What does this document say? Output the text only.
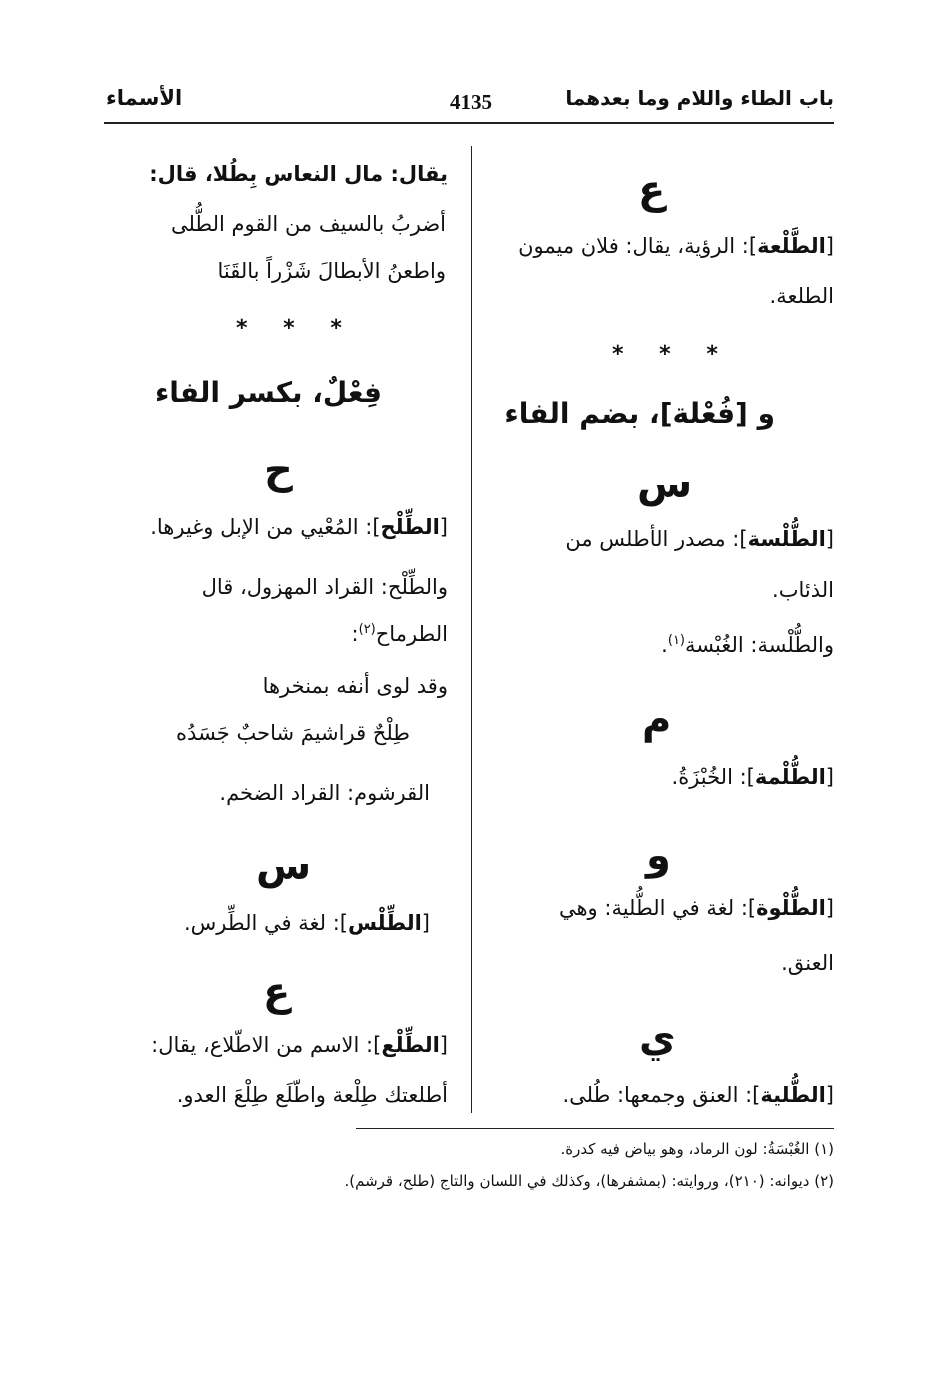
باب الطاء واللام وما بعدهما
4135
الأسماء
ع
[الطَّلْعة]: الرؤية، يقال: فلان ميمون
الطلعة.
* * *
و [فُعْلة]، بضم الفاء
س
[الطُّلْسة]: مصدر الأطلس من
الذئاب.
والطُّلْسة: الغُبْسة$^{(١)}$.
م
[الطُّلْمة]: الخُبْزَةُ.
و
[الطُّلْوة]: لغة في الطُّلية: وهي
العنق.
ي
[الطُّلية]: العنق وجمعها: طُلى.
يقال: مال النعاس بِطُلا، قال:
أضربُ بالسيف من القوم الطُّلى
واطعنُ الأبطالَ شَزْراً بالقَنَا
* * *
فِعْلٌ، بكسر الفاء
ح
[الطِّلْح]: المُعْيي من الإبل وغيرها.
والطِّلْح: القراد المهزول، قال
الطرماح$^{(٢)}$:
وقد لوى أنفه بمنخرها
طِلْحٌ قراشيمَ شاحبٌ جَسَدُه
القرشوم: القراد الضخم.
س
[الطِّلْس]: لغة في الطِّرس.
ع
[الطِّلْع]: الاسم من الاطّلاع، يقال:
أطلعتك طِلْعة واطّلَع طِلْعَ العدو.
(١) الغُبْسَةُ: لون الرماد، وهو بياض فيه كدرة.
(٢) ديوانه: (٢١٠)، وروايته: (بمشفرها)، وكذلك في اللسان والتاج (طلح، قرشم).
